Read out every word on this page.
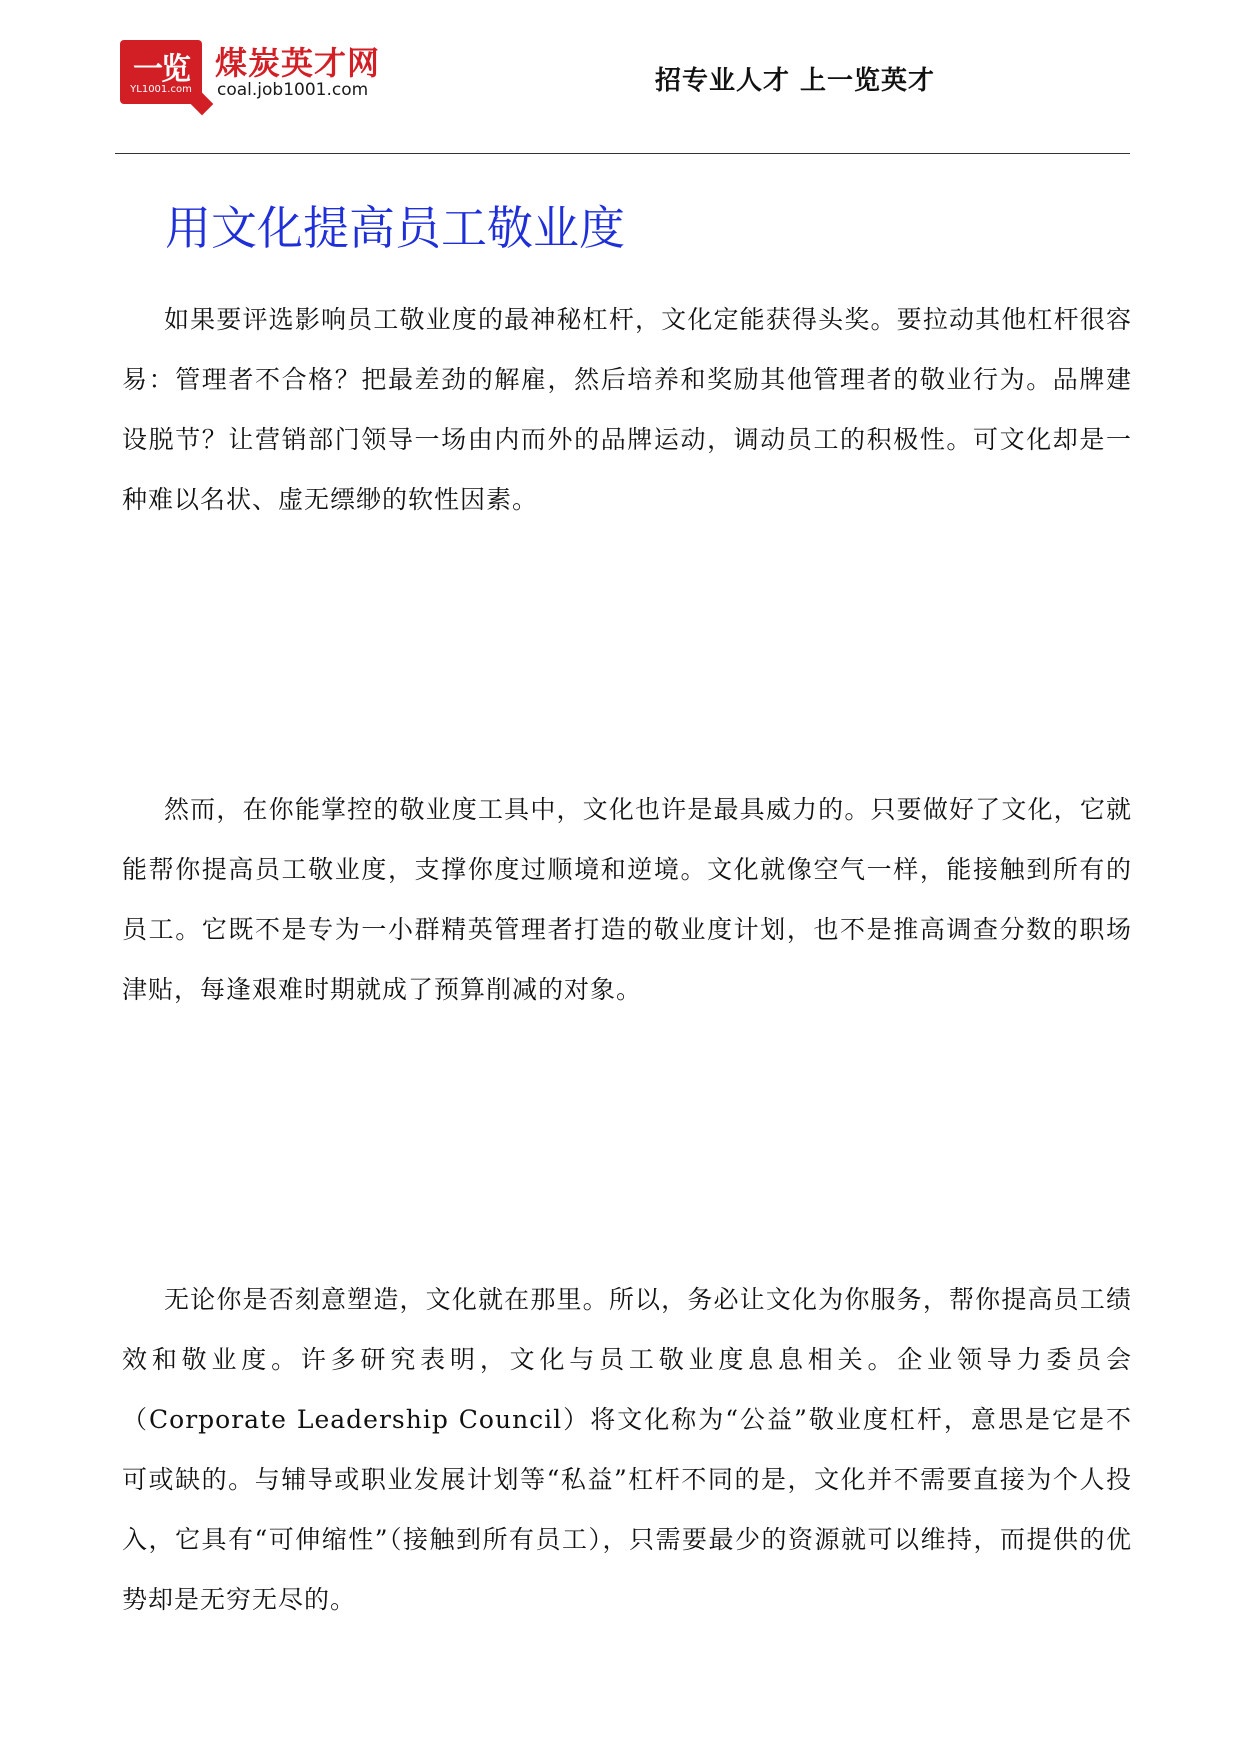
一览
YL1001.com
煤炭英才网
coal.job1001.com	招专业人才 上一览英才
用文化提高员工敬业度

如果要评选影响员工敬业度的最神秘杠杆，文化定能获得头奖。要拉动其他杠杆很容易：管理者不合格？把最差劲的解雇，然后培养和奖励其他管理者的敬业行为。品牌建设脱节？让营销部门领导一场由内而外的品牌运动，调动员工的积极性。可文化却是一种难以名状、虚无缥缈的软性因素。

然而，在你能掌控的敬业度工具中，文化也许是最具威力的。只要做好了文化，它就能帮你提高员工敬业度，支撑你度过顺境和逆境。文化就像空气一样，能接触到所有的员工。它既不是专为一小群精英管理者打造的敬业度计划，也不是推高调查分数的职场津贴，每逢艰难时期就成了预算削减的对象。

无论你是否刻意塑造，文化就在那里。所以，务必让文化为你服务，帮你提高员工绩效和敬业度。许多研究表明，文化与员工敬业度息息相关。企业领导力委员会（Corporate Leadership Council）将文化称为“公益”敬业度杠杆，意思是它是不可或缺的。与辅导或职业发展计划等“私益”杠杆不同的是，文化并不需要直接为个人投入，它具有“可伸缩性”（接触到所有员工），只需要最少的资源就可以维持，而提供的优势却是无穷无尽的。
